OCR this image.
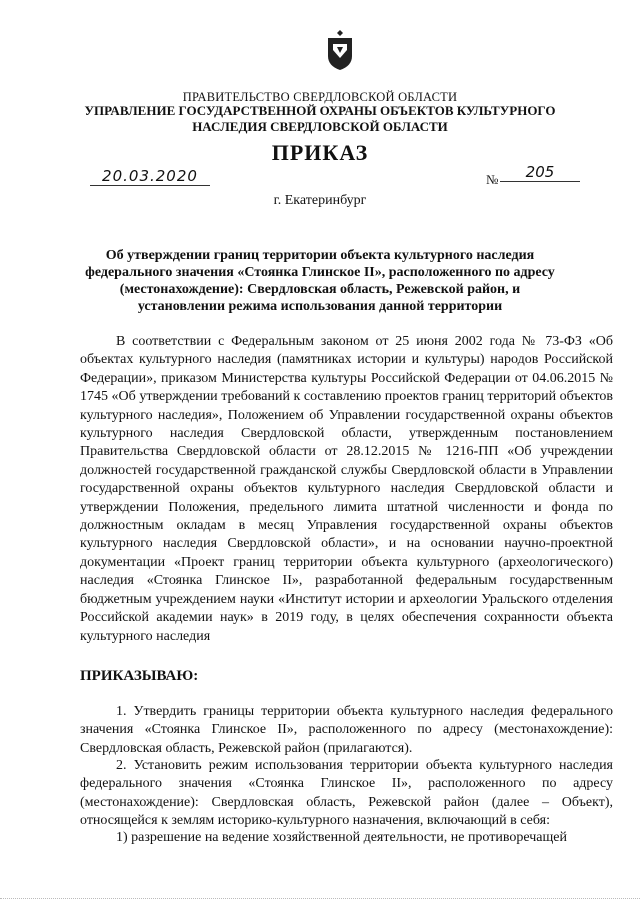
ПРАВИТЕЛЬСТВО СВЕРДЛОВСКОЙ ОБЛАСТИ
УПРАВЛЕНИЕ ГОСУДАРСТВЕННОЙ ОХРАНЫ ОБЪЕКТОВ КУЛЬТУРНОГО НАСЛЕДИЯ СВЕРДЛОВСКОЙ ОБЛАСТИ
ПРИКАЗ
20.03.2020	№	205
г. Екатеринбург
Об утверждении границ территории объекта культурного наследия федерального значения «Стоянка Глинское II», расположенного по адресу (местонахождение): Свердловская область, Режевской район, и установлении режима использования данной территории
В соответствии с Федеральным законом от 25 июня 2002 года № 73-ФЗ «Об объектах культурного наследия (памятниках истории и культуры) народов Российской Федерации», приказом Министерства культуры Российской Федерации от 04.06.2015 № 1745 «Об утверждении требований к составлению проектов границ территорий объектов культурного наследия», Положением об Управлении государственной охраны объектов культурного наследия Свердловской области, утвержденным постановлением Правительства Свердловской области от 28.12.2015 № 1216-ПП «Об учреждении должностей государственной гражданской службы Свердловской области в Управлении государственной охраны объектов культурного наследия Свердловской области и утверждении Положения, предельного лимита штатной численности и фонда по должностным окладам в месяц Управления государственной охраны объектов культурного наследия Свердловской области», и на основании научно-проектной документации «Проект границ территории объекта культурного (археологического) наследия «Стоянка Глинское II», разработанной федеральным государственным бюджетным учреждением науки «Институт истории и археологии Уральского отделения Российской академии наук» в 2019 году, в целях обеспечения сохранности объекта культурного наследия
ПРИКАЗЫВАЮ:
1. Утвердить границы территории объекта культурного наследия федерального значения «Стоянка Глинское II», расположенного по адресу (местонахождение): Свердловская область, Режевской район (прилагаются).
2. Установить режим использования территории объекта культурного наследия федерального значения «Стоянка Глинское II», расположенного по адресу (местонахождение): Свердловская область, Режевской район (далее – Объект), относящейся к землям историко-культурного назначения, включающий в себя:
1) разрешение на ведение хозяйственной деятельности, не противоречащей
